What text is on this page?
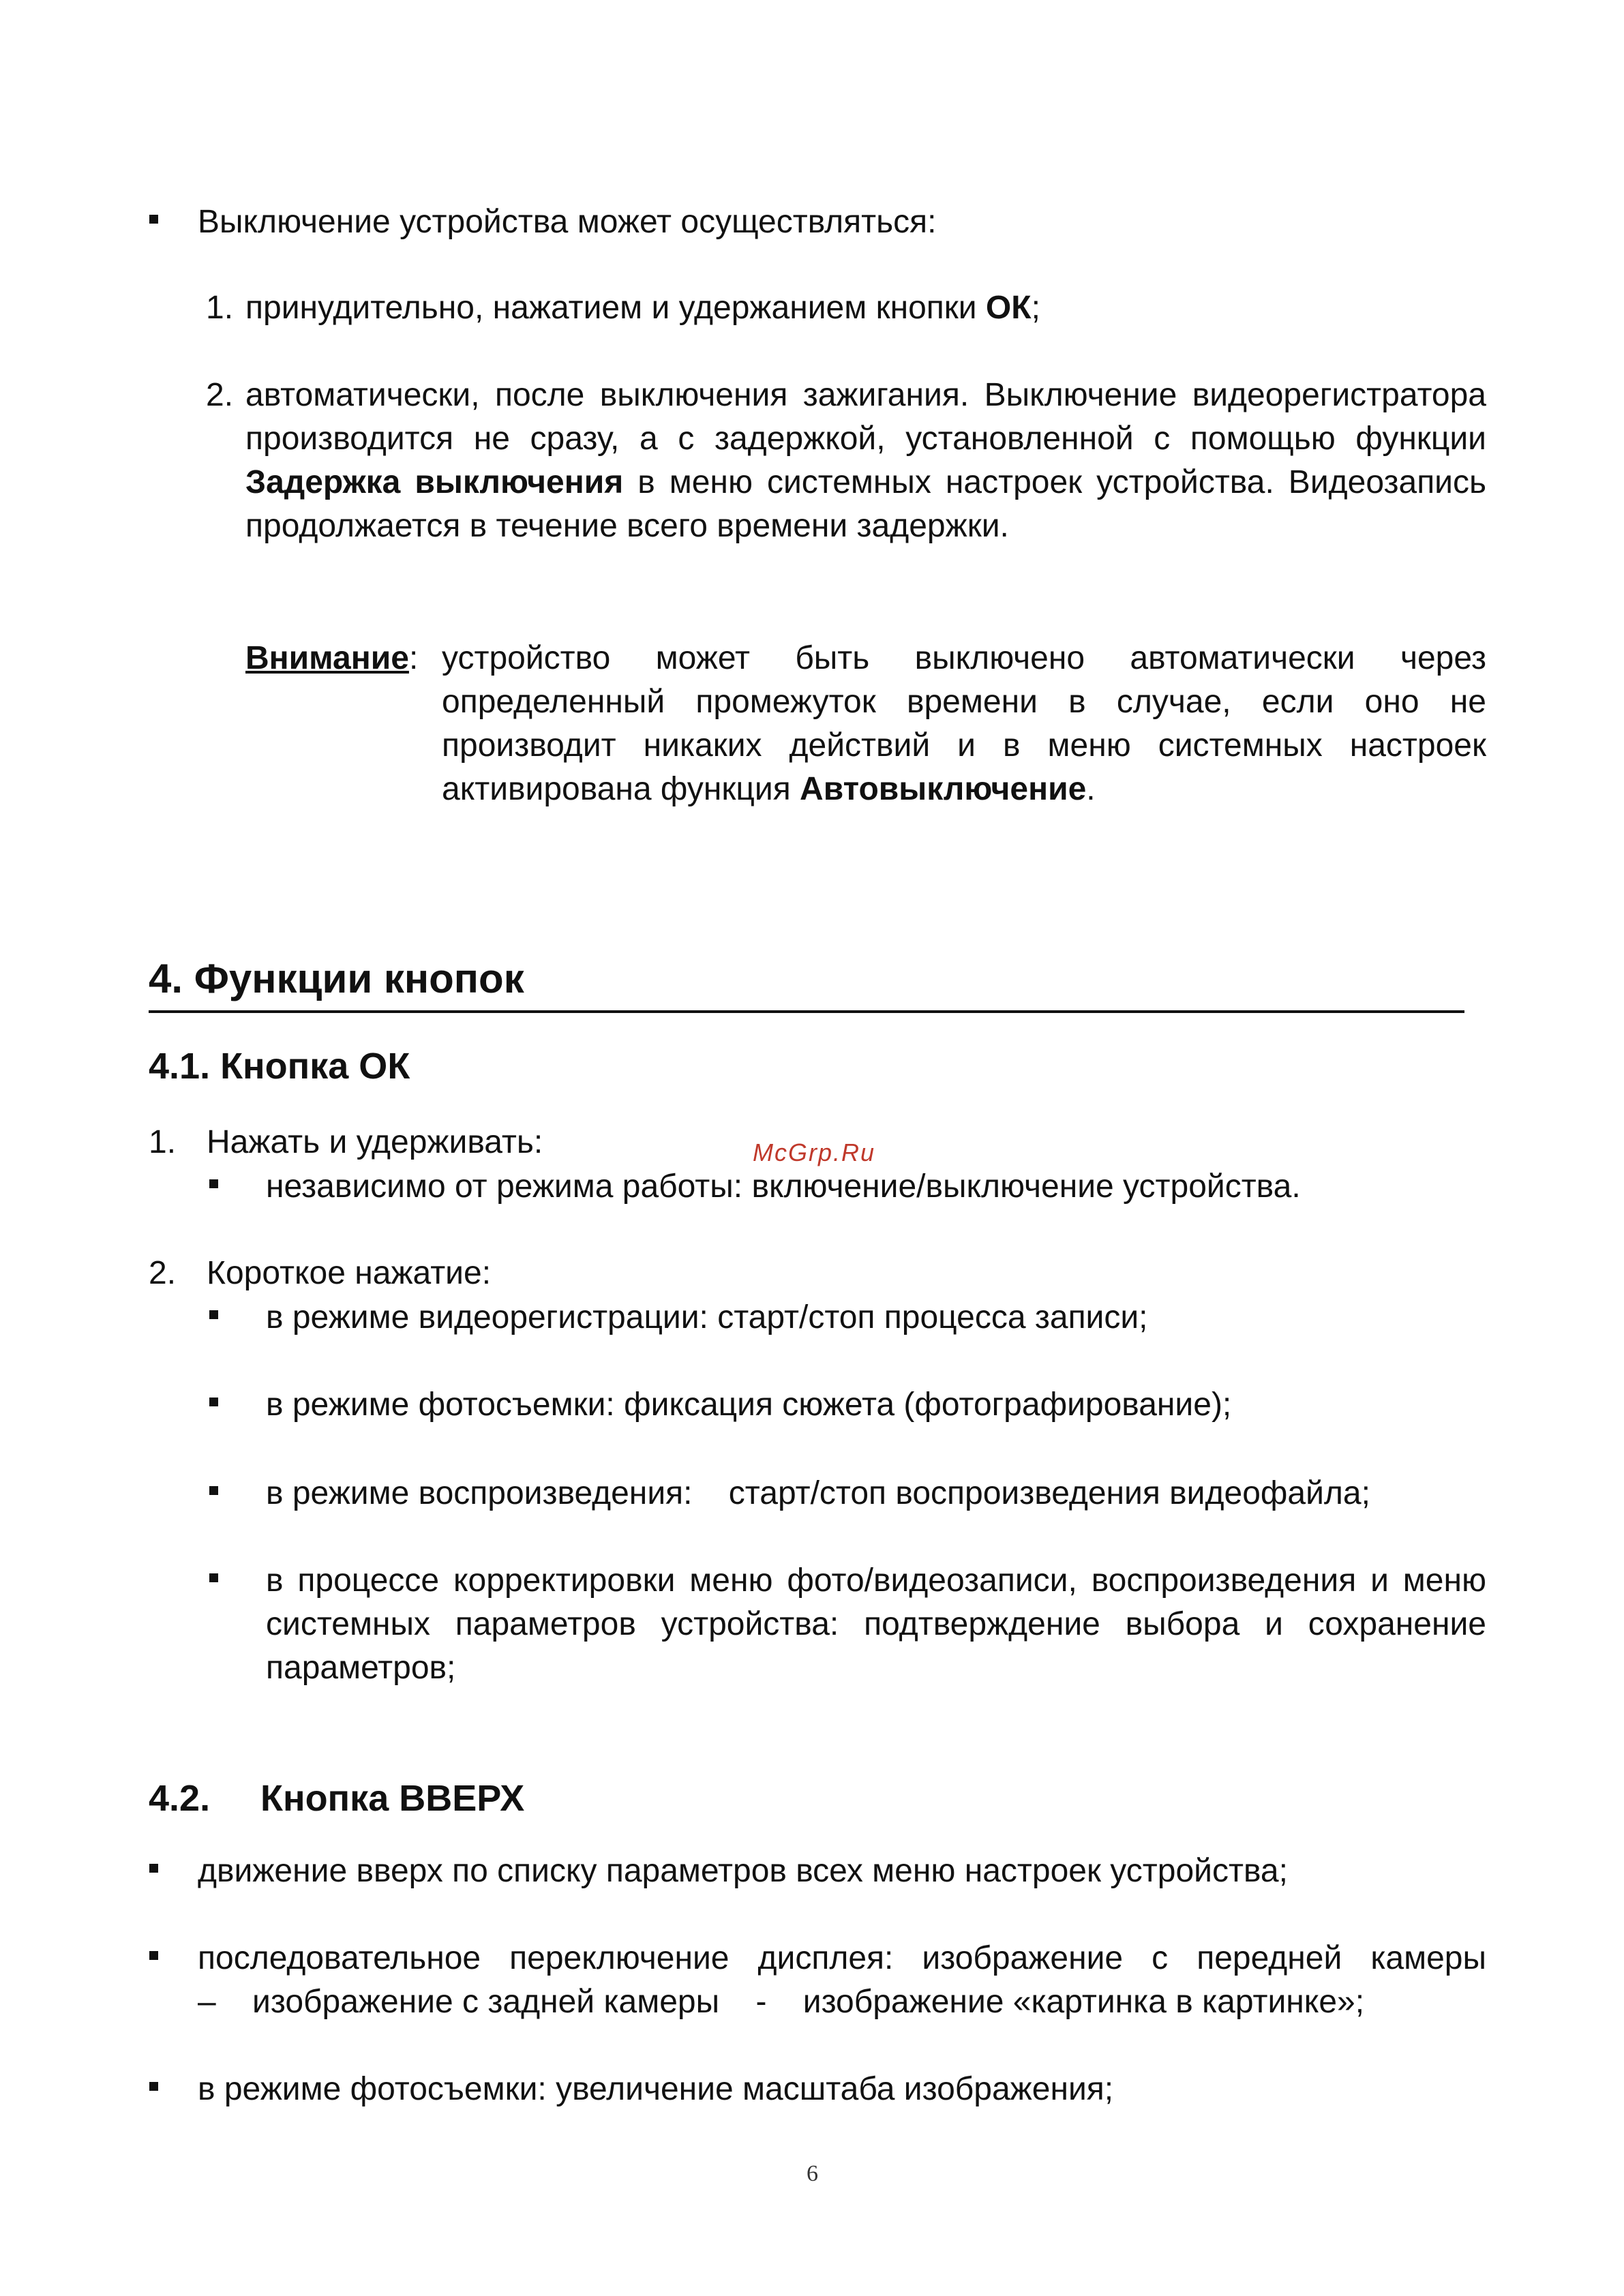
Выключение устройства может осуществляться:
1. принудительно, нажатием и удержанием кнопки ОК;
2. автоматически, после выключения зажигания. Выключение видеорегистратора производится не сразу, а с задержкой, установленной с помощью функции Задержка выключения в меню системных настроек устройства. Видеозапись продолжается в течение всего времени задержки.
Внимание: устройство может быть выключено автоматически через определенный промежуток времени в случае, если оно не производит никаких действий и в меню системных настроек активирована функция Автовыключение.
4. Функции кнопок
4.1. Кнопка ОК
1. Нажать и удерживать:
независимо от режима работы: включение/выключение устройства.
2. Короткое нажатие:
в режиме видеорегистрации: старт/стоп процесса записи;
в режиме фотосъемки: фиксация сюжета (фотографирование);
в режиме воспроизведения:    старт/стоп воспроизведения видеофайла;
в процессе корректировки меню фото/видеозаписи, воспроизведения и меню системных параметров устройства: подтверждение выбора и сохранение параметров;
4.2. Кнопка ВВЕРХ
движение вверх по списку параметров всех меню настроек устройства;
последовательное переключение дисплея: изображение с передней камеры
–    изображение с задней камеры    -    изображение «картинка в картинке»;
в режиме фотосъемки: увеличение масштаба изображения;
McGrp.Ru
6
